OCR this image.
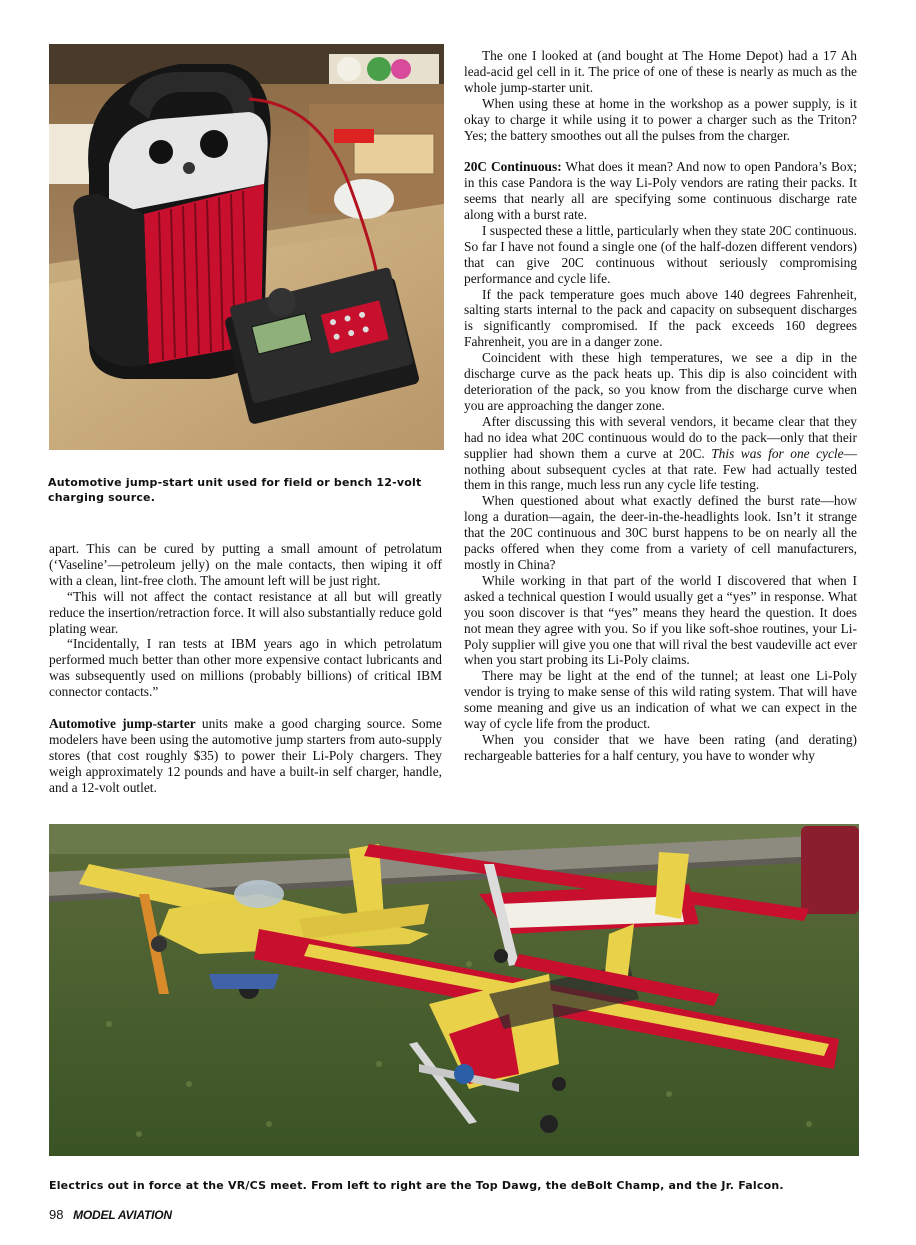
Automotive jump-start unit used for field or bench 12-volt charging source.

apart. This can be cured by putting a small amount of petrolatum (‘Vaseline’—petroleum jelly) on the male contacts, then wiping it off with a clean, lint-free cloth. The amount left will be just right.

“This will not affect the contact resistance at all but will greatly reduce the insertion/retraction force. It will also substantially reduce gold plating wear.

“Incidentally, I ran tests at IBM years ago in which petrolatum performed much better than other more expensive contact lubricants and was subsequently used on millions (probably billions) of critical IBM connector contacts.”

Automotive jump-starter units make a good charging source. Some modelers have been using the automotive jump starters from auto-supply stores (that cost roughly $35) to power their Li-Poly chargers. They weigh approximately 12 pounds and have a built-in self charger, handle, and a 12-volt outlet.

The one I looked at (and bought at The Home Depot) had a 17 Ah lead-acid gel cell in it. The price of one of these is nearly as much as the whole jump-starter unit.

When using these at home in the workshop as a power supply, is it okay to charge it while using it to power a charger such as the Triton? Yes; the battery smoothes out all the pulses from the charger.

20C Continuous: What does it mean? And now to open Pandora’s Box; in this case Pandora is the way Li-Poly vendors are rating their packs. It seems that nearly all are specifying some continuous discharge rate along with a burst rate.

I suspected these a little, particularly when they state 20C continuous. So far I have not found a single one (of the half-dozen different vendors) that can give 20C continuous without seriously compromising performance and cycle life.

If the pack temperature goes much above 140 degrees Fahrenheit, salting starts internal to the pack and capacity on subsequent discharges is significantly compromised. If the pack exceeds 160 degrees Fahrenheit, you are in a danger zone.

Coincident with these high temperatures, we see a dip in the discharge curve as the pack heats up. This dip is also coincident with deterioration of the pack, so you know from the discharge curve when you are approaching the danger zone.

After discussing this with several vendors, it became clear that they had no idea what 20C continuous would do to the pack—only that their supplier had shown them a curve at 20C. This was for one cycle—nothing about subsequent cycles at that rate. Few had actually tested them in this range, much less run any cycle life testing.

When questioned about what exactly defined the burst rate—how long a duration—again, the deer-in-the-headlights look. Isn’t it strange that the 20C continuous and 30C burst happens to be on nearly all the packs offered when they come from a variety of cell manufacturers, mostly in China?

While working in that part of the world I discovered that when I asked a technical question I would usually get a “yes” in response. What you soon discover is that “yes” means they heard the question. It does not mean they agree with you. So if you like soft-shoe routines, your Li-Poly supplier will give you one that will rival the best vaudeville act ever when you start probing its Li-Poly claims.

There may be light at the end of the tunnel; at least one Li-Poly vendor is trying to make sense of this wild rating system. That will have some meaning and give us an indication of what we can expect in the way of cycle life from the product.

When you consider that we have been rating (and derating) rechargeable batteries for a half century, you have to wonder why

Electrics out in force at the VR/CS meet. From left to right are the Top Dawg, the deBolt Champ, and the Jr. Falcon.
98 MODEL AVIATION
